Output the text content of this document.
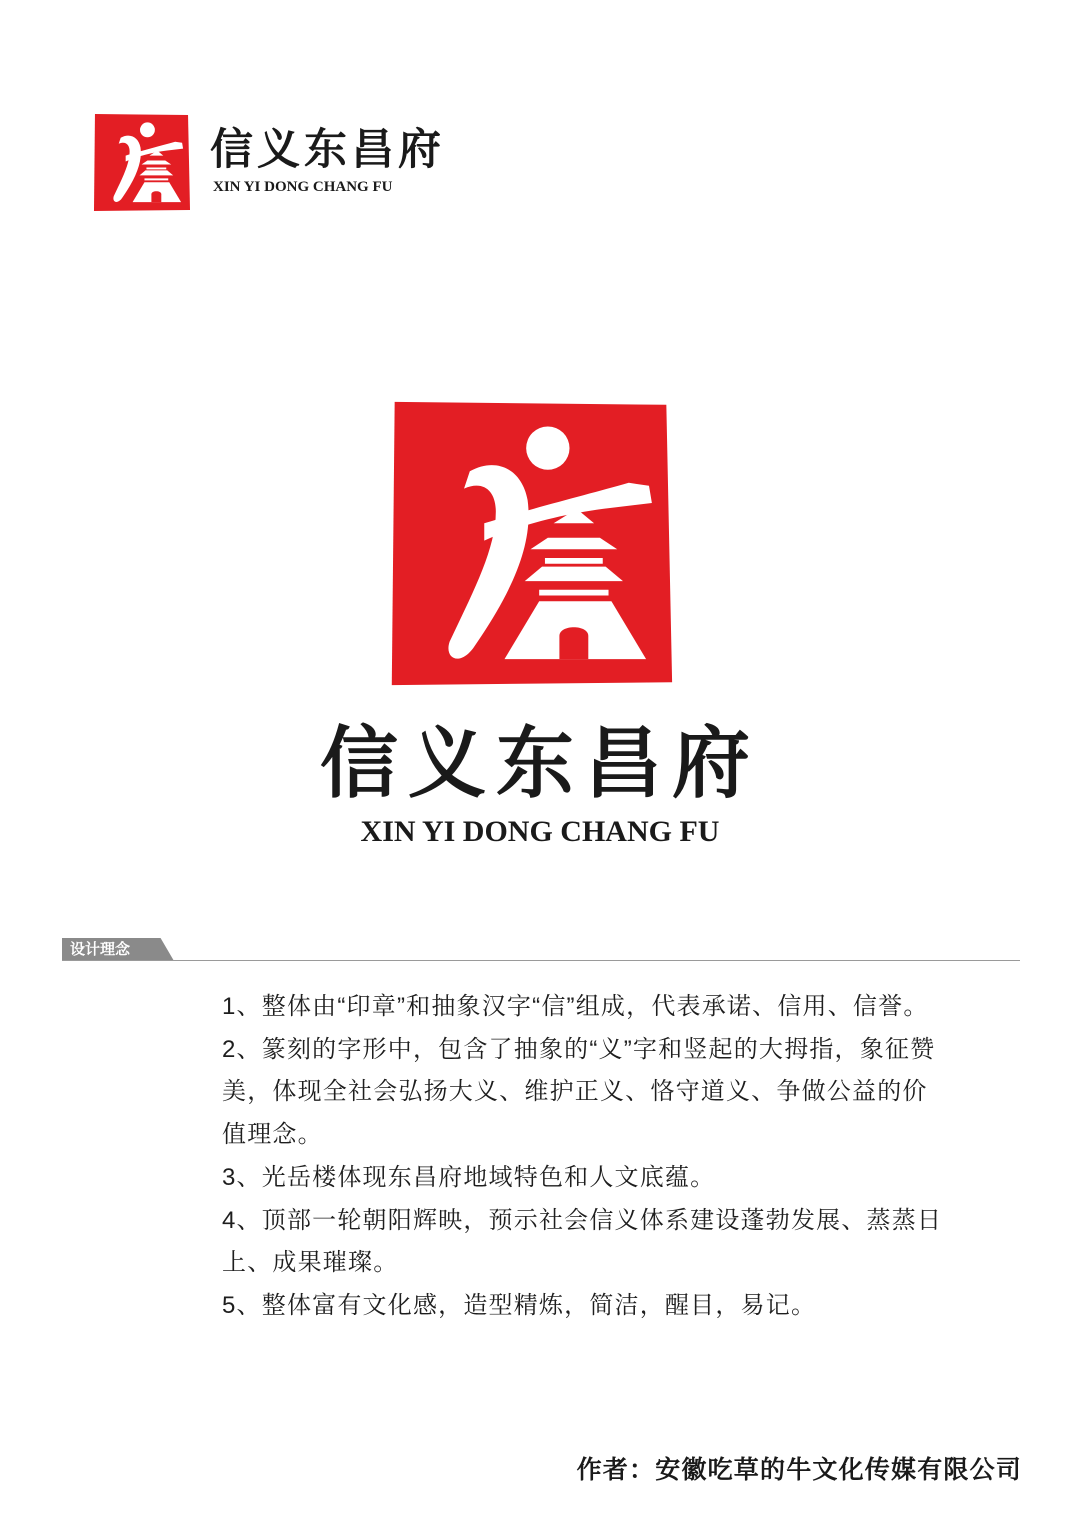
信义东昌府
XIN YI DONG CHANG FU
信义东昌府
XIN YI DONG CHANG FU
设计理念
1、整体由“印章”和抽象汉字“信”组成，代表承诺、信用、信誉。
2、篆刻的字形中，包含了抽象的“义”字和竖起的大拇指，象征赞美，体现全社会弘扬大义、维护正义、恪守道义、争做公益的价值理念。
3、光岳楼体现东昌府地域特色和人文底蕴。
4、顶部一轮朝阳辉映，预示社会信义体系建设蓬勃发展、蒸蒸日上、成果璀璨。
5、整体富有文化感，造型精炼，简洁，醒目，易记。
作者：安徽吃草的牛文化传媒有限公司
